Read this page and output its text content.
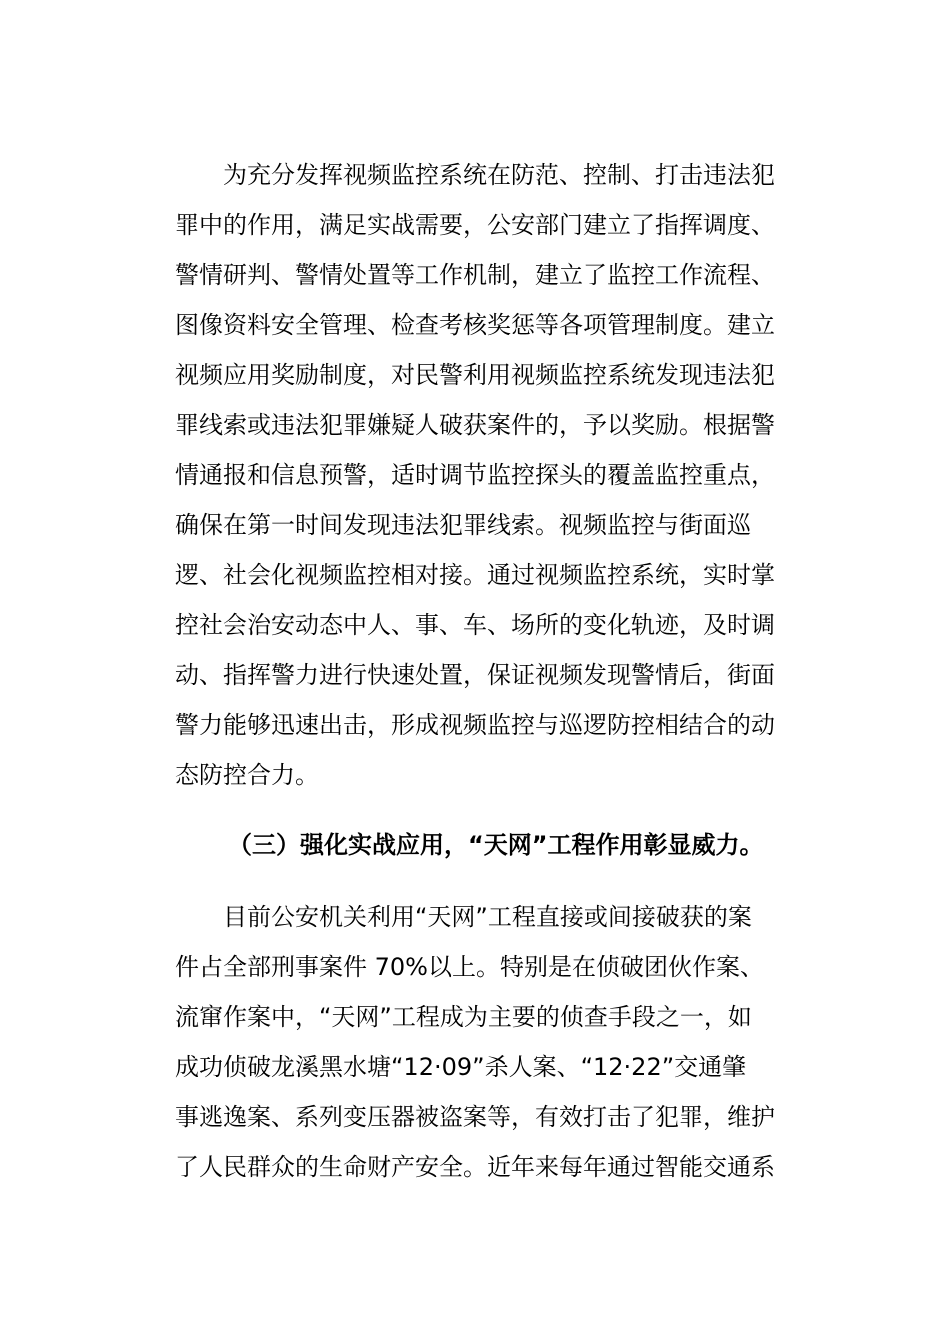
为充分发挥视频监控系统在防范、控制、打击违法犯
罪中的作用，满足实战需要，公安部门建立了指挥调度、
警情研判、警情处置等工作机制，建立了监控工作流程、
图像资料安全管理、检查考核奖惩等各项管理制度。建立
视频应用奖励制度，对民警利用视频监控系统发现违法犯
罪线索或违法犯罪嫌疑人破获案件的，予以奖励。根据警
情通报和信息预警，适时调节监控探头的覆盖监控重点，
确保在第一时间发现违法犯罪线索。视频监控与街面巡
逻、社会化视频监控相对接。通过视频监控系统，实时掌
控社会治安动态中人、事、车、场所的变化轨迹，及时调
动、指挥警力进行快速处置，保证视频发现警情后，街面
警力能够迅速出击，形成视频监控与巡逻防控相结合的动
态防控合力。
（三）强化实战应用，“天网”工程作用彰显威力。
目前公安机关利用“天网”工程直接或间接破获的案
件占全部刑事案件 70%以上。特别是在侦破团伙作案、
流窜作案中，“天网”工程成为主要的侦查手段之一，如
成功侦破龙溪黑水塘“12·09”杀人案、“12·22”交通肇
事逃逸案、系列变压器被盗案等，有效打击了犯罪，维护
了人民群众的生命财产安全。近年来每年通过智能交通系
